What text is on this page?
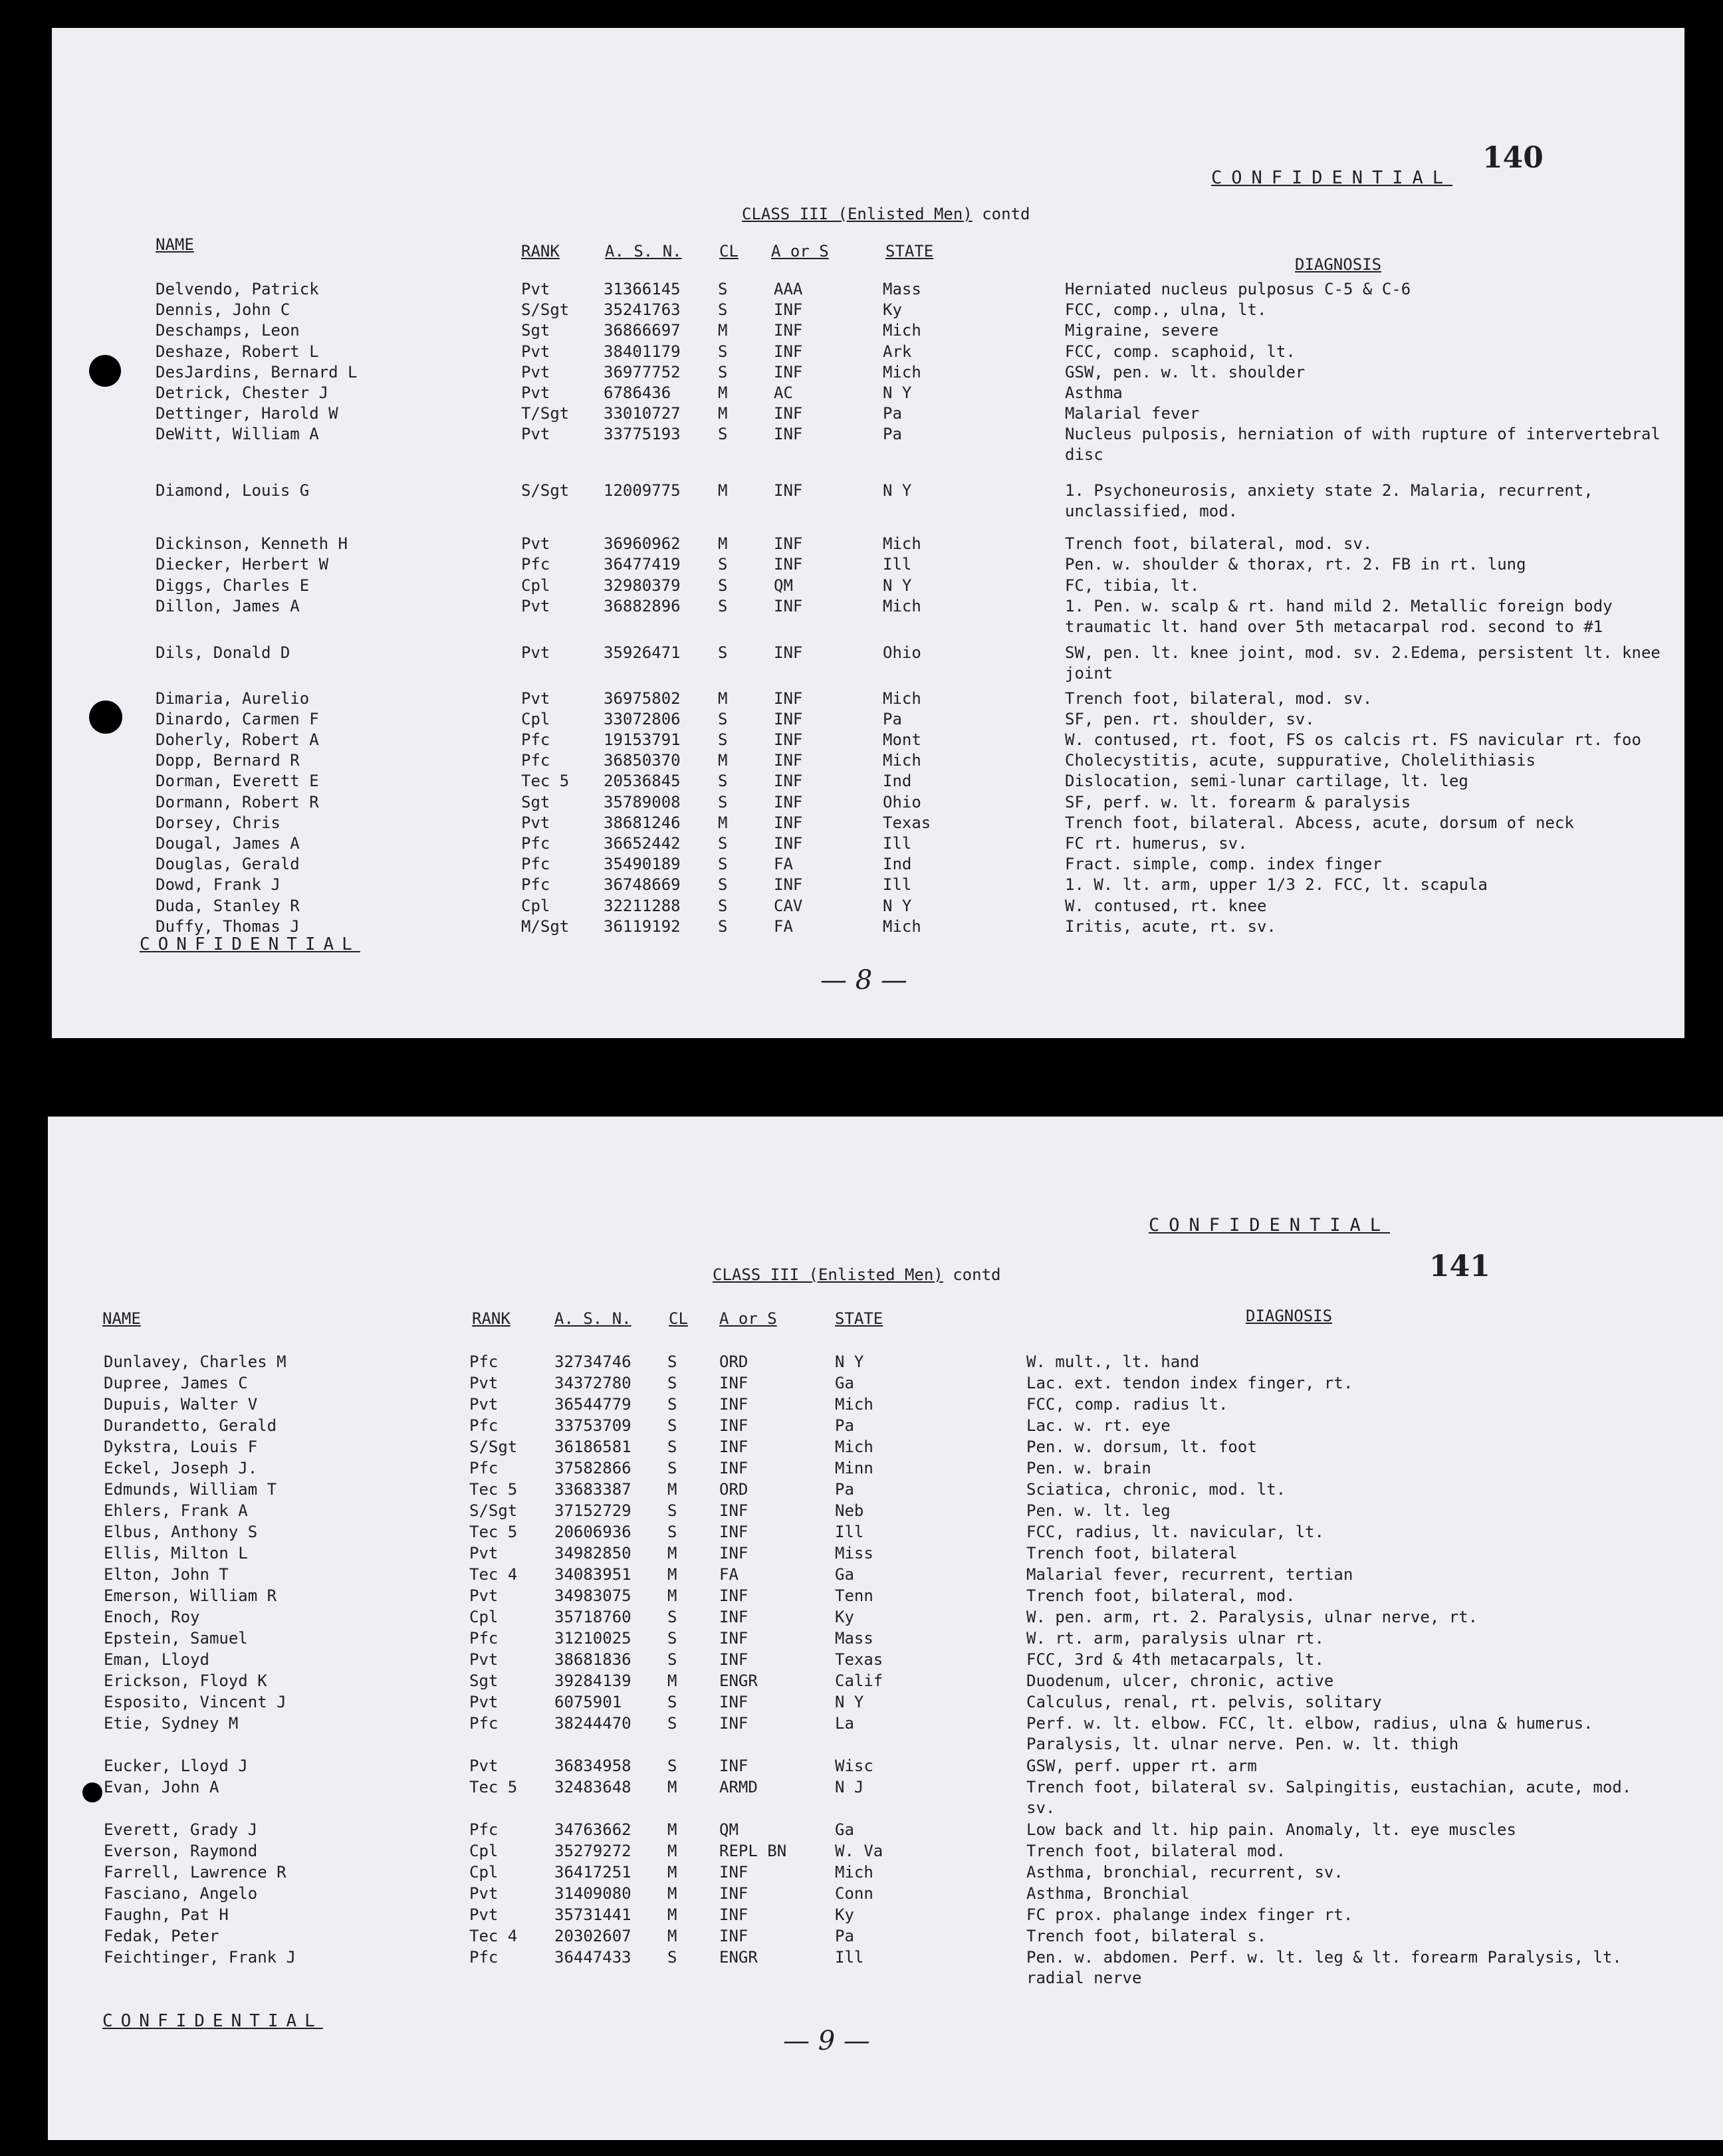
140
CONFIDENTIAL
CLASS III (Enlisted Men) contd
NAME	RANK	A. S. N. CL A or S	STATE
DIAGNOSIS
Delvendo, Patrick	Pvt	31366145 S	AAA	Mass	Herniated nucleus pulposus C-5 & C-6
Dennis, John C	S/Sgt 35241763 S	INF	Ky	FCC, comp., ulna, lt.
Deschamps, Leon	Sgt	36866697 M	INF	Mich	Migraine, severe
Deshaze, Robert L	Pvt	38401179 S	INF	Ark	FCC, comp. scaphoid, lt.
DesJardins, Bernard L	Pvt	36977752 S	INF	Mich	GSW, pen. w. lt. shoulder
Detrick, Chester J	Pvt	6786436	M	AC	N Y	Asthma
Dettinger, Harold W	T/Sgt 33010727 M	INF	Pa	Malarial fever
DeWitt, William A	Pvt	33775193 S	INF	Pa	Nucleus pulposis, herniation of with rupture of intervertebral disc
Diamond, Louis G	S/Sgt 12009775 M	INF	N Y	1. Psychoneurosis, anxiety state 2. Malaria, recurrent, unclassified, mod.
Dickinson, Kenneth H	Pvt	36960962 M	INF	Mich	Trench foot, bilateral, mod. sv.
Diecker, Herbert W	Pfc	36477419 S	INF	Ill	Pen. w. shoulder & thorax, rt. 2. FB in rt. lung
Diggs, Charles E	Cpl	32980379 S	QM	N Y	FC, tibia, lt.
Dillon, James A	Pvt	36882896 S	INF	Mich	1. Pen. w. scalp & rt. hand mild 2. Metallic foreign body traumatic lt. hand over 5th metacarpal rod. second to #1
Dils, Donald D	Pvt	35926471 S	INF	Ohio	SW, pen. lt. knee joint, mod. sv. 2.Edema, persistent lt. knee joint
Dimaria, Aurelio	Pvt	36975802 M	INF	Mich	Trench foot, bilateral, mod. sv.
Dinardo, Carmen F	Cpl	33072806 S	INF	Pa	SF, pen. rt. shoulder, sv.
Doherly, Robert A	Pfc	19153791 S	INF	Mont	W. contused, rt. foot, FS os calcis rt. FS navicular rt. foo
Dopp, Bernard R	Pfc	36850370 M	INF	Mich	Cholecystitis, acute, suppurative, Cholelithiasis
Dorman, Everett E	Tec 5 20536845 S	INF	Ind	Dislocation, semi-lunar cartilage, lt. leg
Dormann, Robert R	Sgt	35789008 S	INF	Ohio	SF, perf. w. lt. forearm & paralysis
Dorsey, Chris	Pvt	38681246 M	INF	Texas	Trench foot, bilateral. Abcess, acute, dorsum of neck
Dougal, James A	Pfc	36652442 S	INF	Ill	FC rt. humerus, sv.
Douglas, Gerald	Pfc	35490189 S	FA	Ind	Fract. simple, comp. index finger
Dowd, Frank J	Pfc	36748669 S	INF	Ill	1. W. lt. arm, upper 1/3 2. FCC, lt. scapula
Duda, Stanley R	Cpl	32211288 S	CAV	N Y	W. contused, rt. knee
Duffy, Thomas J	M/Sgt 36119192 S	FA	Mich	Iritis, acute, rt. sv.
CONFIDENTIAL
— 8 —
141
CONFIDENTIAL
CLASS III (Enlisted Men) contd
NAME	RANK	A. S. N. CL A or S	STATE	DIAGNOSIS
Dunlavey, Charles M	Pfc	32734746 S	ORD	N Y	W. mult., lt. hand
Dupree, James C	Pvt	34372780 S	INF	Ga	Lac. ext. tendon index finger, rt.
Dupuis, Walter V	Pvt	36544779 S	INF	Mich	FCC, comp. radius lt.
Durandetto, Gerald	Pfc	33753709 S	INF	Pa	Lac. w. rt. eye
Dykstra, Louis F	S/Sgt 36186581 S	INF	Mich	Pen. w. dorsum, lt. foot
Eckel, Joseph J.	Pfc	37582866 S	INF	Minn	Pen. w. brain
Edmunds, William T	Tec 5 33683387 M	ORD	Pa	Sciatica, chronic, mod. lt.
Ehlers, Frank A	S/Sgt 37152729 S	INF	Neb	Pen. w. lt. leg
Elbus, Anthony S	Tec 5 20606936 S	INF	Ill	FCC, radius, lt. navicular, lt.
Ellis, Milton L	Pvt	34982850 M	INF	Miss	Trench foot, bilateral
Elton, John T	Tec 4 34083951 M	FA	Ga	Malarial fever, recurrent, tertian
Emerson, William R	Pvt	34983075 M	INF	Tenn	Trench foot, bilateral, mod.
Enoch, Roy	Cpl	35718760 S	INF	Ky	W. pen. arm, rt. 2. Paralysis, ulnar nerve, rt.
Epstein, Samuel	Pfc	31210025 S	INF	Mass	W. rt. arm, paralysis ulnar rt.
Eman, Lloyd	Pvt	38681836 S	INF	Texas	FCC, 3rd & 4th metacarpals, lt.
Erickson, Floyd K	Sgt	39284139 M	ENGR	Calif	Duodenum, ulcer, chronic, active
Esposito, Vincent J	Pvt	6075901	S	INF	N Y	Calculus, renal, rt. pelvis, solitary
Etie, Sydney M	Pfc	38244470 S	INF	La	Perf. w. lt. elbow. FCC, lt. elbow, radius, ulna & humerus. Paralysis, lt. ulnar nerve. Pen. w. lt. thigh
Eucker, Lloyd J	Pvt	36834958 S	INF	Wisc	GSW, perf. upper rt. arm
Evan, John A	Tec 5 32483648 M	ARMD	N J	Trench foot, bilateral sv. Salpingitis, eustachian, acute, mod. sv.
Everett, Grady J	Pfc	34763662 M	QM	Ga	Low back and lt. hip pain. Anomaly, lt. eye muscles
Everson, Raymond	Cpl	35279272 M	REPL BN	W. Va	Trench foot, bilateral mod.
Farrell, Lawrence R	Cpl	36417251 M	INF	Mich	Asthma, bronchial, recurrent, sv.
Fasciano, Angelo	Pvt	31409080 M	INF	Conn	Asthma, Bronchial
Faughn, Pat H	Pvt	35731441 M	INF	Ky	FC prox. phalange index finger rt.
Fedak, Peter	Tec 4 20302607 M	INF	Pa	Trench foot, bilateral s.
Feichtinger, Frank J	Pfc	36447433 S	ENGR	Ill	Pen. w. abdomen. Perf. w. lt. leg & lt. forearm Paralysis, lt. radial nerve
CONFIDENTIAL
— 9 —
